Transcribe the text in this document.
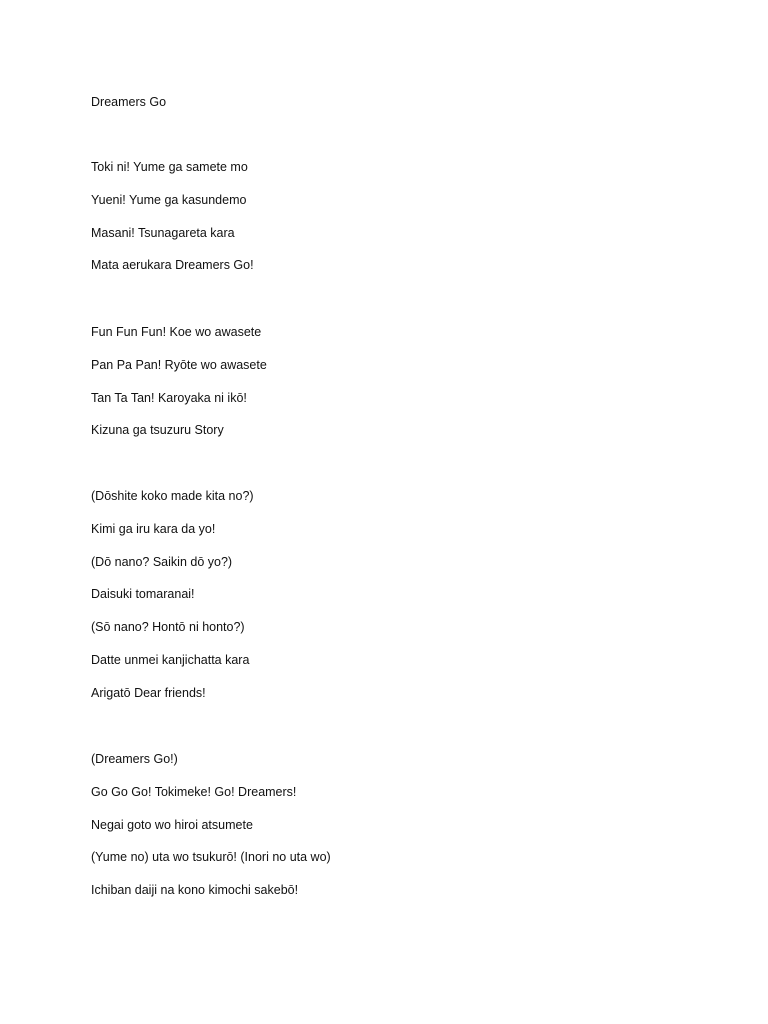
Dreamers Go
Toki ni! Yume ga samete mo
Yueni! Yume ga kasundemo
Masani! Tsunagareta kara
Mata aerukara Dreamers Go!
Fun Fun Fun! Koe wo awasete
Pan Pa Pan! Ryōte wo awasete
Tan Ta Tan! Karoyaka ni ikō!
Kizuna ga tsuzuru Story
(Dōshite koko made kita no?)
Kimi ga iru kara da yo!
(Dō nano? Saikin dō yo?)
Daisuki tomaranai!
(Sō nano? Hontō ni honto?)
Datte unmei kanjichatta kara
Arigatō Dear friends!
(Dreamers Go!)
Go Go Go! Tokimeke! Go! Dreamers!
Negai goto wo hiroi atsumete
(Yume no) uta wo tsukurō! (Inori no uta wo)
Ichiban daiji na kono kimochi sakebō!
